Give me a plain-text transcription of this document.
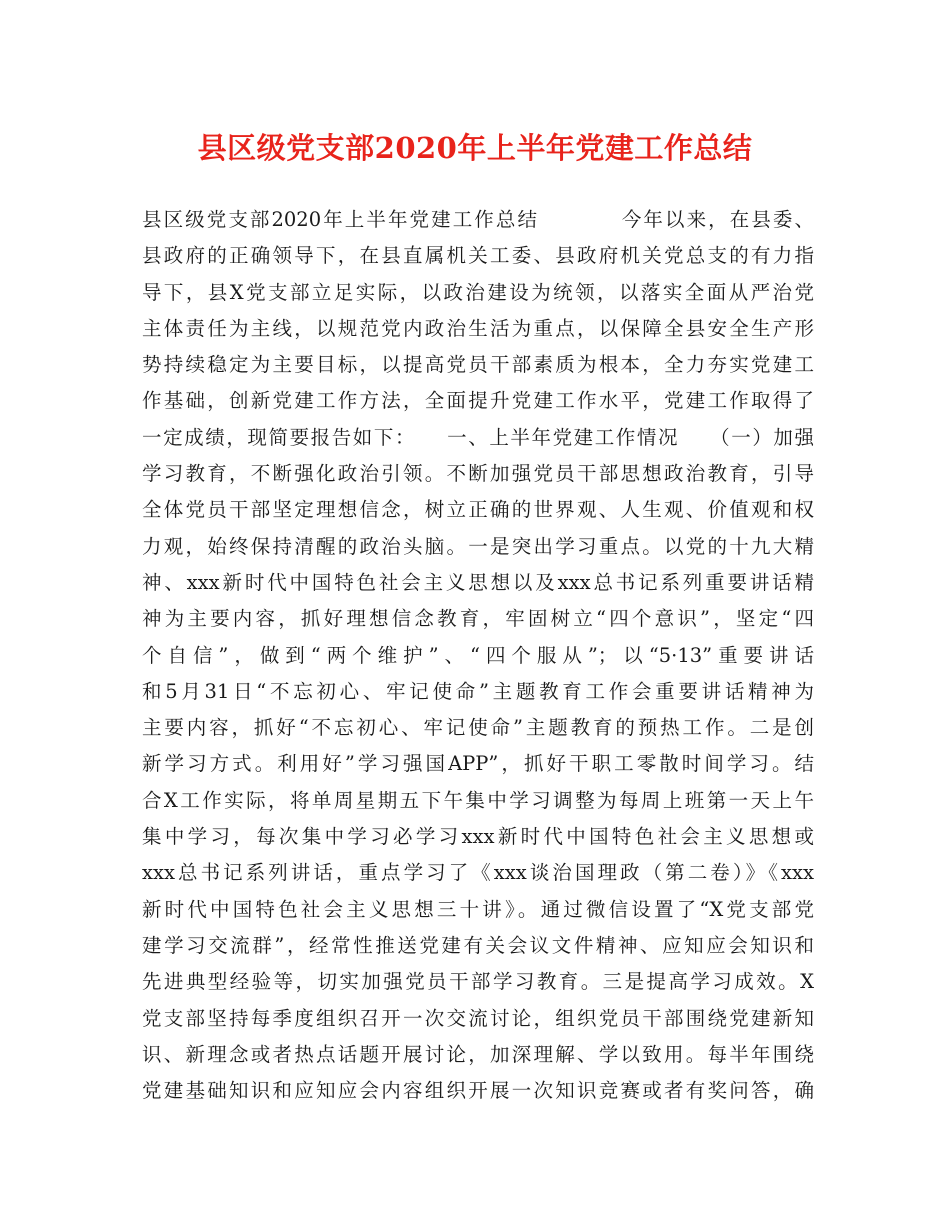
县区级党支部2020年上半年党建工作总结
县区级党支部2020年上半年党建工作总结          今年以来，在县委、
县政府的正确领导下，在县直属机关工委、县政府机关党总支的有力指
导下，县X党支部立足实际，以政治建设为统领，以落实全面从严治党
主体责任为主线，以规范党内政治生活为重点，以保障全县安全生产形
势持续稳定为主要目标，以提高党员干部素质为根本，全力夯实党建工
作基础，创新党建工作方法，全面提升党建工作水平，党建工作取得了
一定成绩，现简要报告如下：    一、上半年党建工作情况    （一）加强
学习教育，不断强化政治引领。不断加强党员干部思想政治教育，引导
全体党员干部坚定理想信念，树立正确的世界观、人生观、价值观和权
力观，始终保持清醒的政治头脑。一是突出学习重点。以党的十九大精
神、xxx新时代中国特色社会主义思想以及xxx总书记系列重要讲话精
神为主要内容，抓好理想信念教育，牢固树立“四个意识”，坚定“四
个自信”，做到“两个维护”、“四个服从”；以“5·13”重要讲话
和5月31日“不忘初心、牢记使命”主题教育工作会重要讲话精神为
主要内容，抓好“不忘初心、牢记使命”主题教育的预热工作。二是创
新学习方式。利用好”学习强国APP”，抓好干职工零散时间学习。结
合X工作实际，将单周星期五下午集中学习调整为每周上班第一天上午
集中学习，每次集中学习必学习xxx新时代中国特色社会主义思想或
xxx总书记系列讲话，重点学习了《xxx谈治国理政（第二卷）》《xxx
新时代中国特色社会主义思想三十讲》。通过微信设置了“X党支部党
建学习交流群”，经常性推送党建有关会议文件精神、应知应会知识和
先进典型经验等，切实加强党员干部学习教育。三是提高学习成效。X
党支部坚持每季度组织召开一次交流讨论，组织党员干部围绕党建新知
识、新理念或者热点话题开展讨论，加深理解、学以致用。每半年围绕
党建基础知识和应知应会内容组织开展一次知识竞赛或者有奖问答，确
